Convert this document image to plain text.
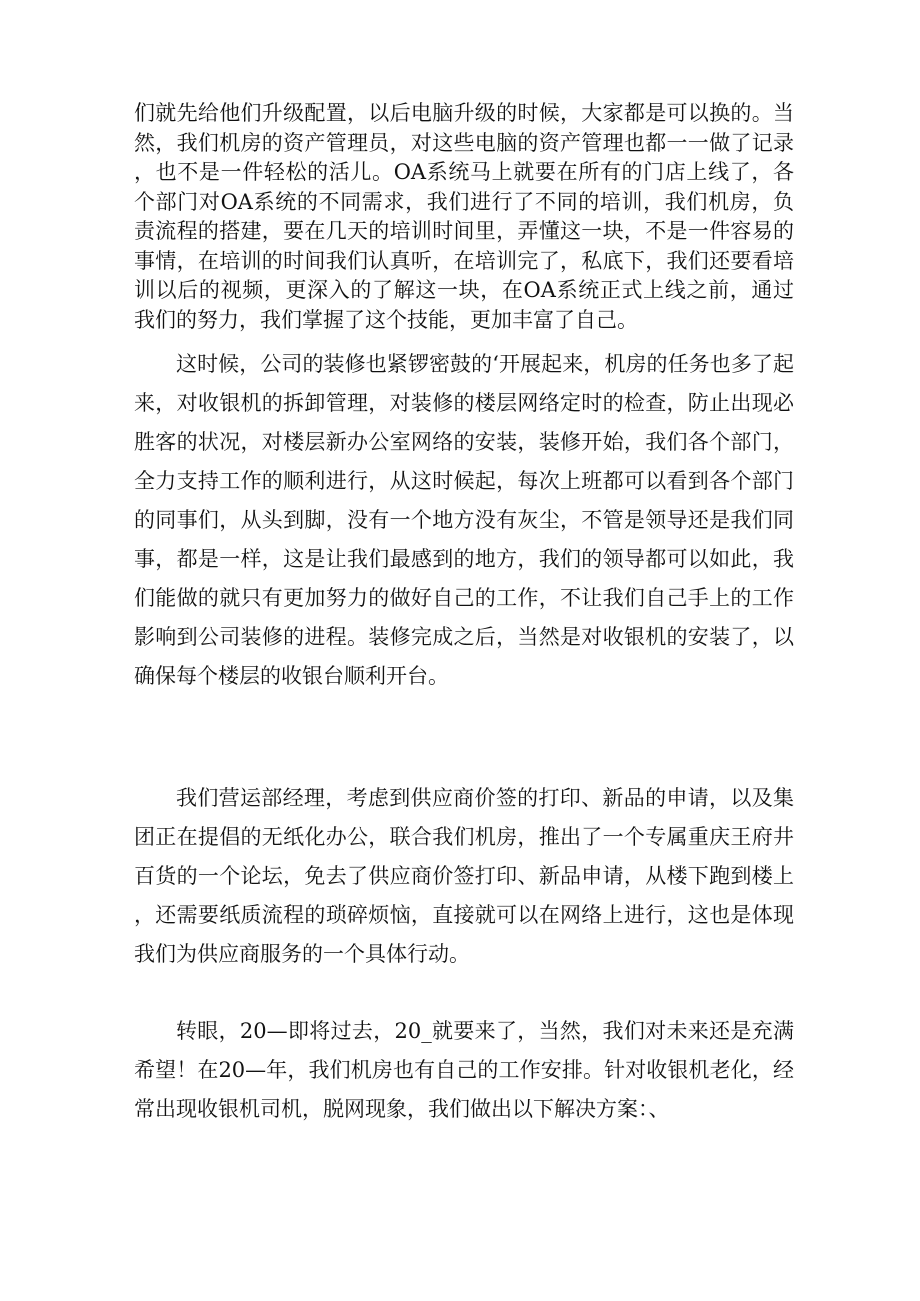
们就先给他们升级配置，以后电脑升级的时候，大家都是可以换的。当然，我们机房的资产管理员，对这些电脑的资产管理也都一一做了记录，也不是一件轻松的活儿。OA系统马上就要在所有的门店上线了，各个部门对OA系统的不同需求，我们进行了不同的培训，我们机房，负责流程的搭建，要在几天的培训时间里，弄懂这一块，不是一件容易的事情，在培训的时间我们认真听，在培训完了，私底下，我们还要看培训以后的视频，更深入的了解这一块，在OA系统正式上线之前，通过我们的努力，我们掌握了这个技能，更加丰富了自己。

这时候，公司的装修也紧锣密鼓的‘开展起来，机房的任务也多了起来，对收银机的拆卸管理，对装修的楼层网络定时的检查，防止出现必胜客的状况，对楼层新办公室网络的安装，装修开始，我们各个部门，全力支持工作的顺利进行，从这时候起，每次上班都可以看到各个部门的同事们，从头到脚，没有一个地方没有灰尘，不管是领导还是我们同事，都是一样，这是让我们最感到的地方，我们的领导都可以如此，我们能做的就只有更加努力的做好自己的工作，不让我们自己手上的工作影响到公司装修的进程。装修完成之后，当然是对收银机的安装了，以确保每个楼层的收银台顺利开台。

我们营运部经理，考虑到供应商价签的打印、新品的申请，以及集团正在提倡的无纸化办公，联合我们机房，推出了一个专属重庆王府井百货的一个论坛，免去了供应商价签打印、新品申请，从楼下跑到楼上，还需要纸质流程的琐碎烦恼，直接就可以在网络上进行，这也是体现我们为供应商服务的一个具体行动。

转眼，20—即将过去，20_就要来了，当然，我们对未来还是充满希望！在20—年，我们机房也有自己的工作安排。针对收银机老化，经常出现收银机司机，脱网现象，我们做出以下解决方案：、
